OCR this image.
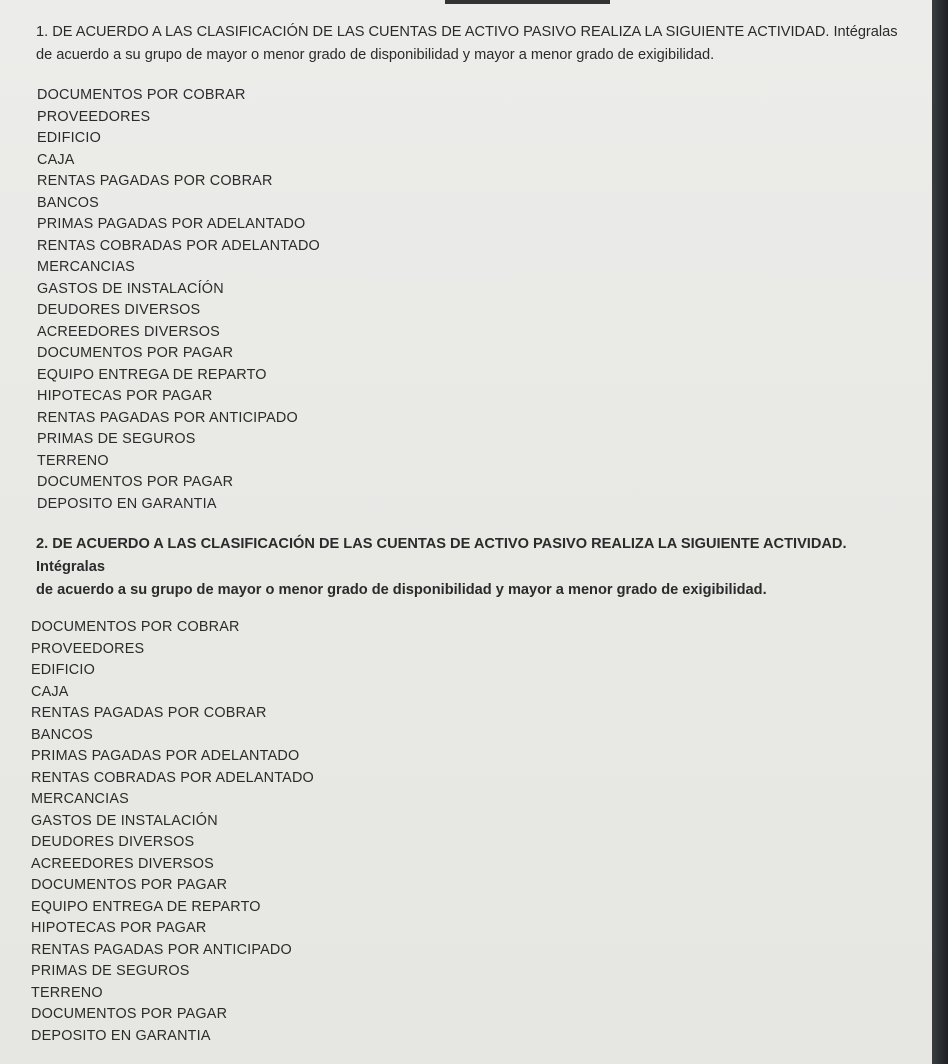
1. DE ACUERDO A LAS CLASIFICACIÓN DE LAS CUENTAS DE ACTIVO PASIVO REALIZA LA SIGUIENTE ACTIVIDAD. Intégralas
de acuerdo a su grupo de mayor o menor grado de disponibilidad y mayor a menor grado de exigibilidad.

DOCUMENTOS POR COBRAR
PROVEEDORES
EDIFICIO
CAJA
RENTAS PAGADAS POR COBRAR
BANCOS
PRIMAS PAGADAS POR ADELANTADO
RENTAS COBRADAS POR ADELANTADO
MERCANCIAS
GASTOS DE INSTALACÍÓN
DEUDORES DIVERSOS
ACREEDORES DIVERSOS
DOCUMENTOS POR PAGAR
EQUIPO ENTREGA DE REPARTO
HIPOTECAS POR PAGAR
RENTAS PAGADAS POR ANTICIPADO
PRIMAS DE SEGUROS
TERRENO
DOCUMENTOS POR PAGAR
DEPOSITO EN GARANTIA

2. DE ACUERDO A LAS CLASIFICACIÓN DE LAS CUENTAS DE ACTIVO PASIVO REALIZA LA SIGUIENTE ACTIVIDAD. Intégralas
de acuerdo a su grupo de mayor o menor grado de disponibilidad y mayor a menor grado de exigibilidad.

DOCUMENTOS POR COBRAR
PROVEEDORES
EDIFICIO
CAJA
RENTAS PAGADAS POR COBRAR
BANCOS
PRIMAS PAGADAS POR ADELANTADO
RENTAS COBRADAS POR ADELANTADO
MERCANCIAS
GASTOS DE INSTALACIÓN
DEUDORES DIVERSOS
ACREEDORES DIVERSOS
DOCUMENTOS POR PAGAR
EQUIPO ENTREGA DE REPARTO
HIPOTECAS POR PAGAR
RENTAS PAGADAS POR ANTICIPADO
PRIMAS DE SEGUROS
TERRENO
DOCUMENTOS POR PAGAR
DEPOSITO EN GARANTIA
